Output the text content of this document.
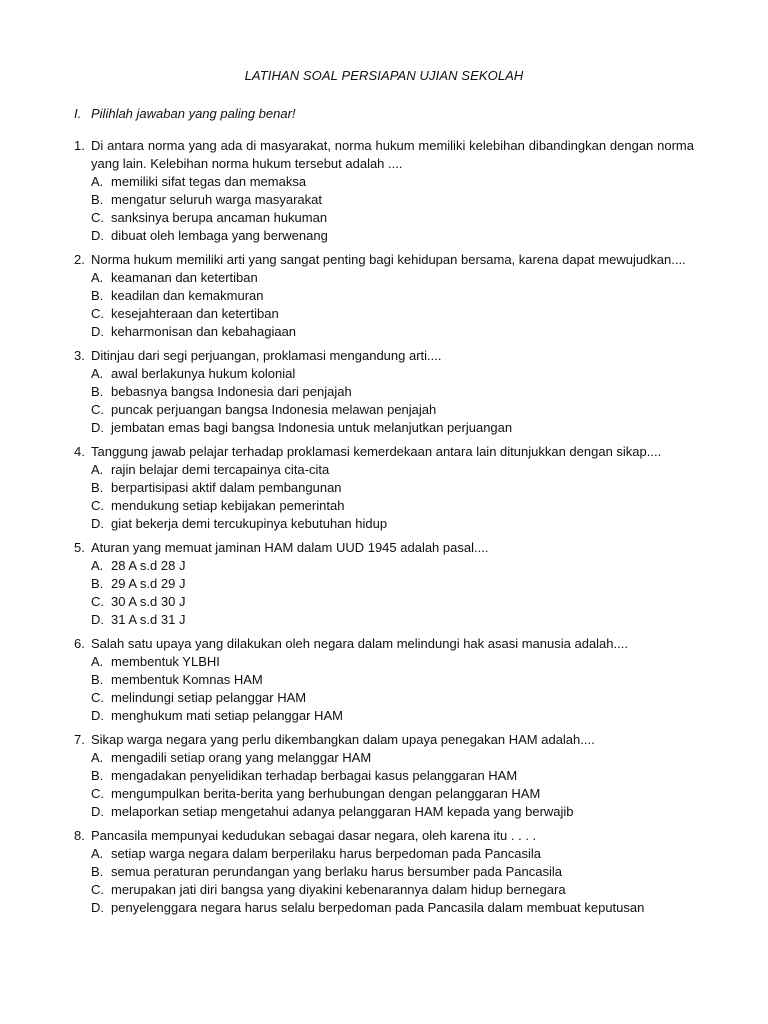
LATIHAN SOAL PERSIAPAN UJIAN SEKOLAH
I. Pilihlah jawaban yang paling benar!
1. Di antara norma yang ada di masyarakat, norma hukum memiliki kelebihan dibandingkan dengan norma yang lain. Kelebihan norma hukum tersebut adalah ....
A. memiliki sifat tegas dan memaksa
B. mengatur seluruh warga masyarakat
C. sanksinya berupa ancaman hukuman
D. dibuat oleh lembaga yang berwenang
2. Norma hukum memiliki arti yang sangat penting bagi kehidupan bersama, karena dapat mewujudkan....
A. keamanan dan ketertiban
B. keadilan dan kemakmuran
C. kesejahteraan dan ketertiban
D. keharmonisan dan kebahagiaan
3. Ditinjau dari segi perjuangan, proklamasi mengandung arti....
A. awal berlakunya hukum kolonial
B. bebasnya bangsa Indonesia dari penjajah
C. puncak perjuangan bangsa Indonesia melawan penjajah
D. jembatan emas bagi bangsa Indonesia untuk melanjutkan perjuangan
4. Tanggung jawab pelajar terhadap proklamasi kemerdekaan antara lain ditunjukkan dengan sikap....
A. rajin belajar demi tercapainya cita-cita
B. berpartisipasi aktif dalam pembangunan
C. mendukung setiap kebijakan pemerintah
D. giat bekerja demi tercukupinya kebutuhan hidup
5. Aturan yang memuat jaminan HAM dalam UUD 1945 adalah pasal....
A. 28 A s.d 28 J
B. 29 A s.d 29 J
C. 30 A s.d 30 J
D. 31 A s.d 31 J
6. Salah satu upaya yang dilakukan oleh negara dalam melindungi hak asasi manusia adalah....
A. membentuk YLBHI
B. membentuk Komnas HAM
C. melindungi setiap pelanggar HAM
D. menghukum mati setiap pelanggar HAM
7. Sikap warga negara yang perlu dikembangkan dalam upaya penegakan HAM adalah....
A. mengadili setiap orang yang melanggar HAM
B. mengadakan penyelidikan terhadap berbagai kasus pelanggaran HAM
C. mengumpulkan berita-berita yang berhubungan dengan pelanggaran HAM
D. melaporkan setiap mengetahui adanya pelanggaran HAM kepada yang berwajib
8. Pancasila mempunyai kedudukan sebagai dasar negara, oleh karena itu . . . .
A. setiap warga negara dalam berperilaku harus berpedoman pada Pancasila
B. semua peraturan perundangan yang berlaku harus bersumber pada Pancasila
C. merupakan jati diri bangsa yang diyakini kebenarannya dalam hidup bernegara
D. penyelenggara negara harus selalu berpedoman pada Pancasila dalam membuat keputusan
